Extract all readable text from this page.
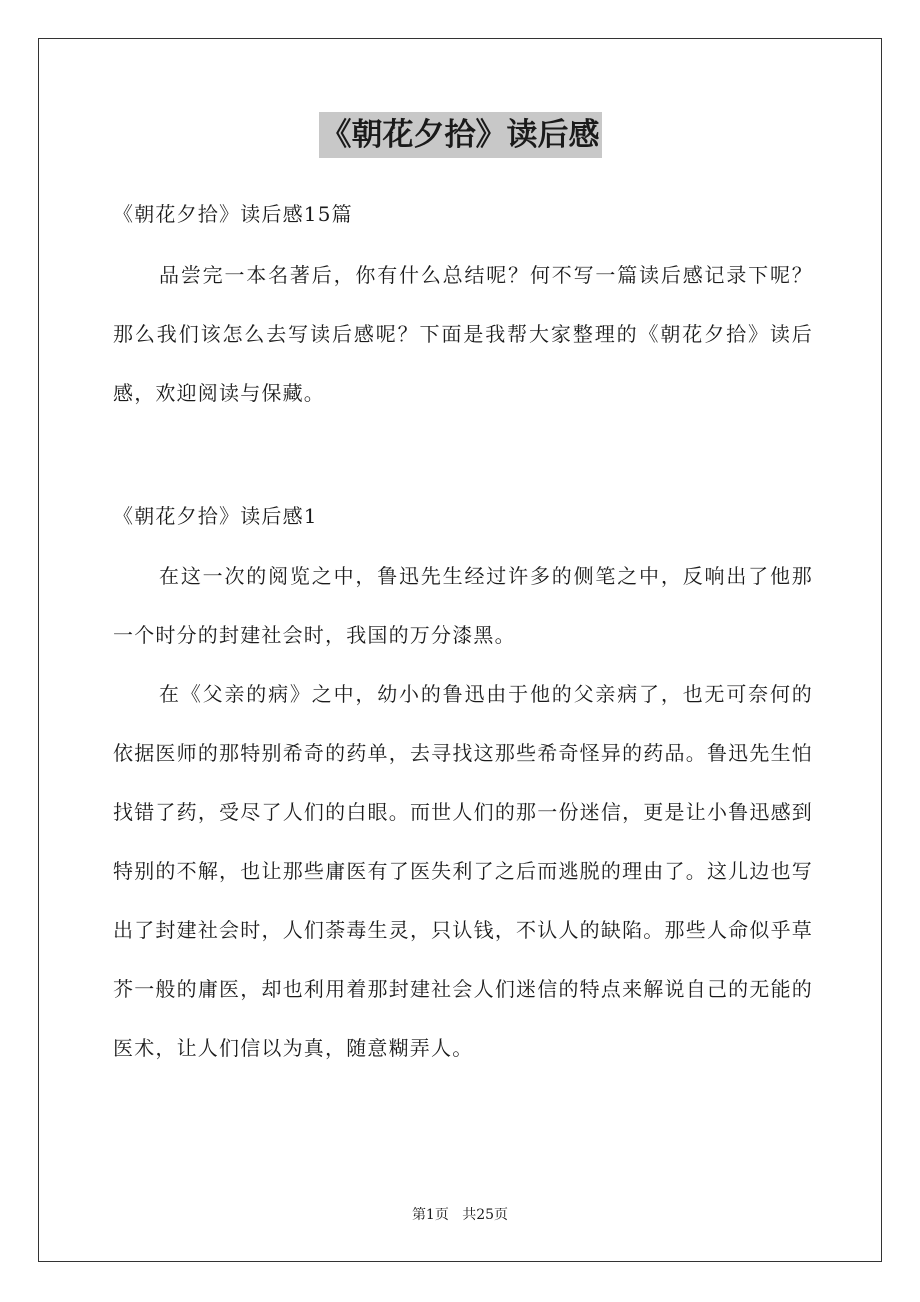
《朝花夕拾》读后感
《朝花夕拾》读后感15篇

品尝完一本名著后，你有什么总结呢？何不写一篇读后感记录下呢？那么我们该怎么去写读后感呢？下面是我帮大家整理的《朝花夕拾》读后感，欢迎阅读与保藏。

《朝花夕拾》读后感1

在这一次的阅览之中，鲁迅先生经过许多的侧笔之中，反响出了他那一个时分的封建社会时，我国的万分漆黑。

在《父亲的病》之中，幼小的鲁迅由于他的父亲病了，也无可奈何的依据医师的那特别希奇的药单，去寻找这那些希奇怪异的药品。鲁迅先生怕找错了药，受尽了人们的白眼。而世人们的那一份迷信，更是让小鲁迅感到特别的不解，也让那些庸医有了医失利了之后而逃脱的理由了。这儿边也写出了封建社会时，人们荼毒生灵，只认钱，不认人的缺陷。那些人命似乎草芥一般的庸医，却也利用着那封建社会人们迷信的特点来解说自己的无能的医术，让人们信以为真，随意糊弄人。

第1页 共25页
